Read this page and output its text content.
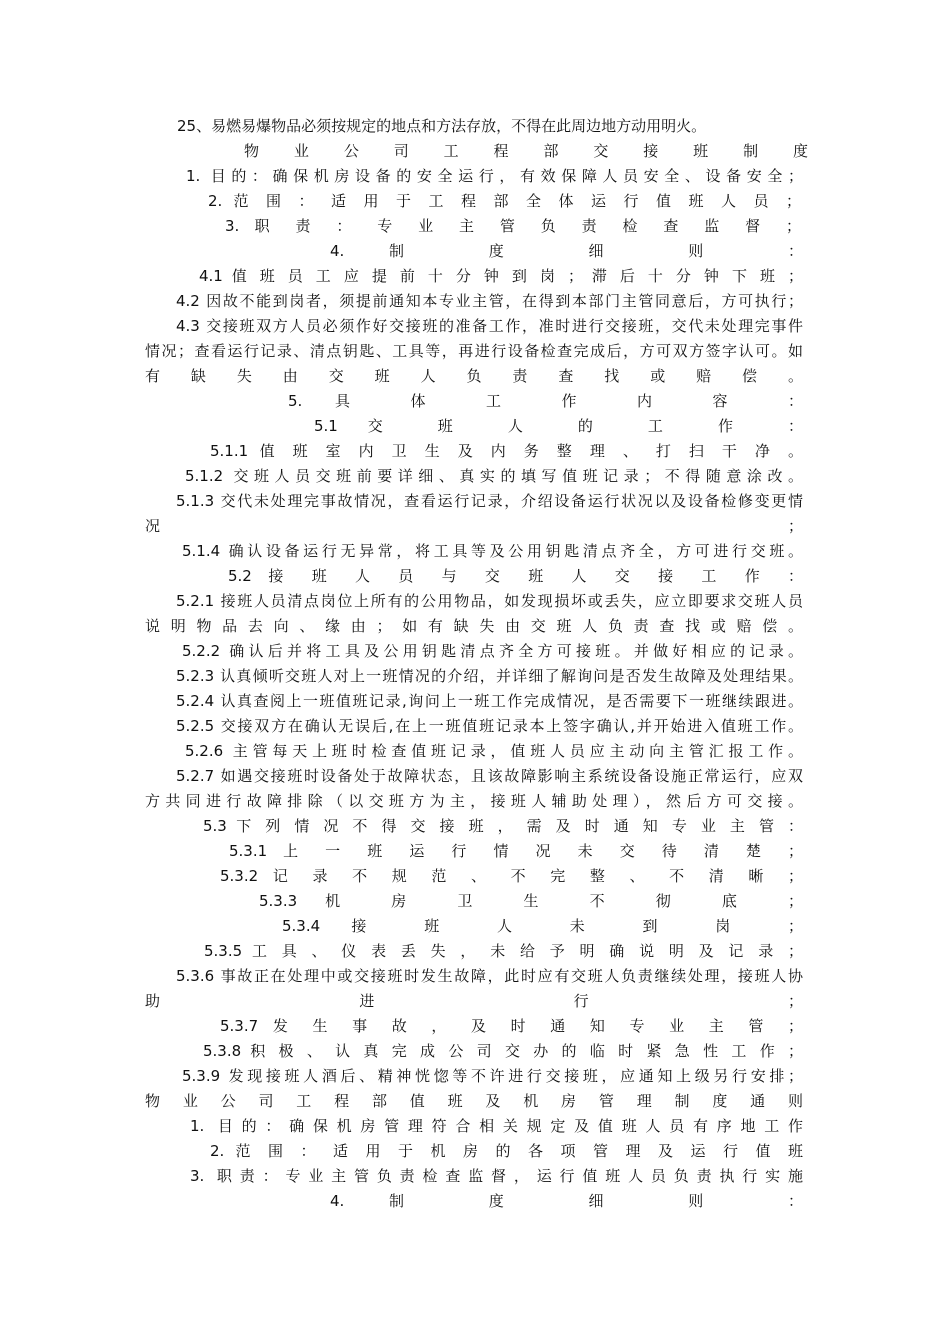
25、易燃易爆物品必须按规定的地点和方法存放，不得在此周边地方动用明火。
物 业 公 司 工 程 部 交 接 班 制 度
1. 目的：确保机房设备的安全运行，有效保障人员安全、设备安全；
2. 范 围 ： 适 用 于 工 程 部 全 体 运 行 值 班 人 员 ；
3. 职 责 ： 专 业 主 管 负 责 检 查 监 督 ；
4. 制 度 细 则 ：
4.1 值 班 员 工 应 提 前 十 分 钟 到 岗 ； 滞 后 十 分 钟 下 班 ；
4.2 因故不能到岗者，须提前通知本专业主管，在得到本部门主管同意后，方可执行；
4.3 交接班双方人员必须作好交接班的准备工作，准时进行交接班，交代未处理完事件
情况；查看运行记录、清点钥匙、工具等，再进行设备检查完成后，方可双方签字认可。如
有 缺 失 由 交 班 人 负 责 查 找 或 赔 偿 。
5. 具 体 工 作 内 容 ：
5.1 交 班 人 的 工 作 ：
5.1.1 值 班 室 内 卫 生 及 内 务 整 理 、 打 扫 干 净 。
5.1.2 交班人员交班前要详细、真实的填写值班记录；不得随意涂改。
5.1.3 交代未处理完事故情况，查看运行记录，介绍设备运行状况以及设备检修变更情
况 ；
5.1.4 确认设备运行无异常，将工具等及公用钥匙清点齐全，方可进行交班。
5.2 接 班 人 员 与 交 班 人 交 接 工 作 ：
5.2.1 接班人员清点岗位上所有的公用物品，如发现损坏或丢失，应立即要求交班人员
说明物品去向、缘由；如有缺失由交班人负责查找或赔偿。
5.2.2 确认后并将工具及公用钥匙清点齐全方可接班。并做好相应的记录。
5.2.3 认真倾听交班人对上一班情况的介绍，并详细了解询问是否发生故障及处理结果。
5.2.4 认真查阅上一班值班记录,询问上一班工作完成情况，是否需要下一班继续跟进。
5.2.5 交接双方在确认无误后,在上一班值班记录本上签字确认,并开始进入值班工作。
5.2.6 主管每天上班时检查值班记录，值班人员应主动向主管汇报工作。
5.2.7 如遇交接班时设备处于故障状态，且该故障影响主系统设备设施正常运行，应双
方共同进行故障排除（以交班方为主，接班人辅助处理），然后方可交接。
5.3 下 列 情 况 不 得 交 接 班 ， 需 及 时 通 知 专 业 主 管 ：
5.3.1 上 一 班 运 行 情 况 未 交 待 清 楚 ；
5.3.2 记 录 不 规 范 、 不 完 整 、 不 清 晰 ；
5.3.3 机 房 卫 生 不 彻 底 ；
5.3.4 接 班 人 未 到 岗 ；
5.3.5 工 具 、 仪 表 丢 失 ， 未 给 予 明 确 说 明 及 记 录 ；
5.3.6 事故正在处理中或交接班时发生故障，此时应有交班人负责继续处理，接班人协
助 进 行 ；
5.3.7 发 生 事 故 ， 及 时 通 知 专 业 主 管 ；
5.3.8 积 极 、 认 真 完 成 公 司 交 办 的 临 时 紧 急 性 工 作 ；
5.3.9 发现接班人酒后、精神恍惚等不许进行交接班，应通知上级另行安排；
物 业 公 司 工 程 部 值 班 及 机 房 管 理 制 度 通 则
1. 目的：确保机房管理符合相关规定及值班人员有序地工作
2. 范 围 ： 适 用 于 机 房 的 各 项 管 理 及 运 行 值 班
3. 职责：专业主管负责检查监督，运行值班人员负责执行实施
4. 制 度 细 则 ：
